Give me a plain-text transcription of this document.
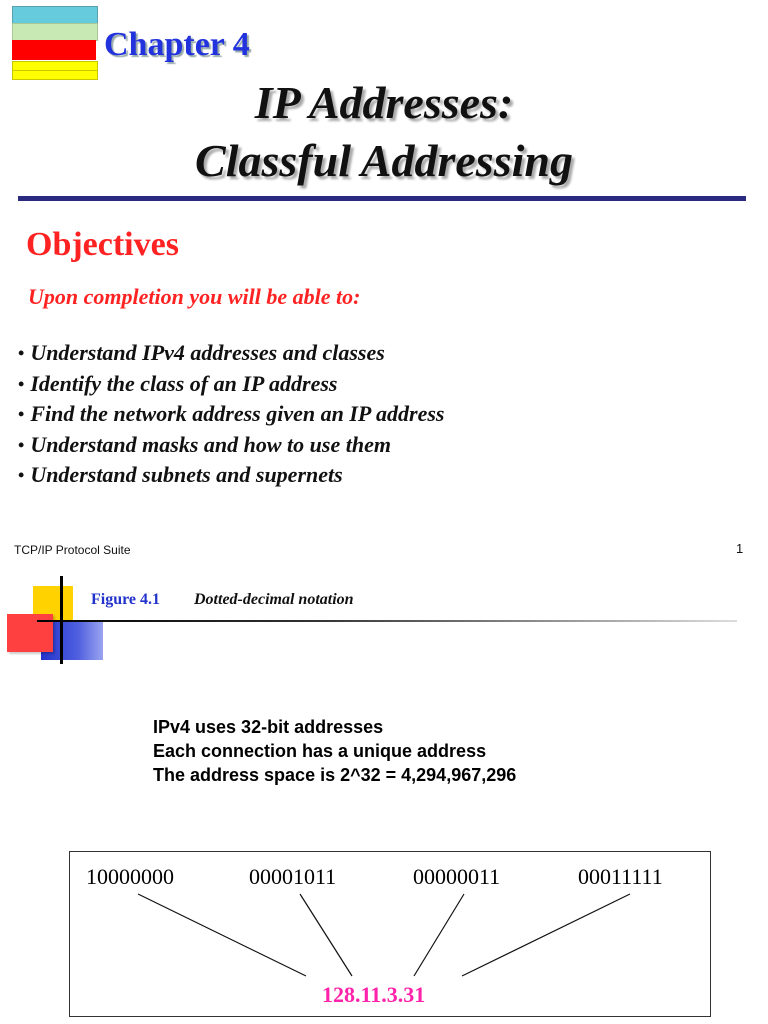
Chapter 4
IP Addresses:
Classful Addressing
Objectives
Upon completion you will be able to:
• Understand IPv4 addresses and classes
• Identify the class of an IP address
• Find the network address given an IP address
• Understand masks and how to use them
• Understand subnets and supernets
TCP/IP Protocol Suite	1
Figure 4.1 Dotted-decimal notation
IPv4 uses 32-bit addresses
Each connection has a unique address
The address space is 2^32 = 4,294,967,296
10000000	00001011	00000011	00011111
128.11.3.31
